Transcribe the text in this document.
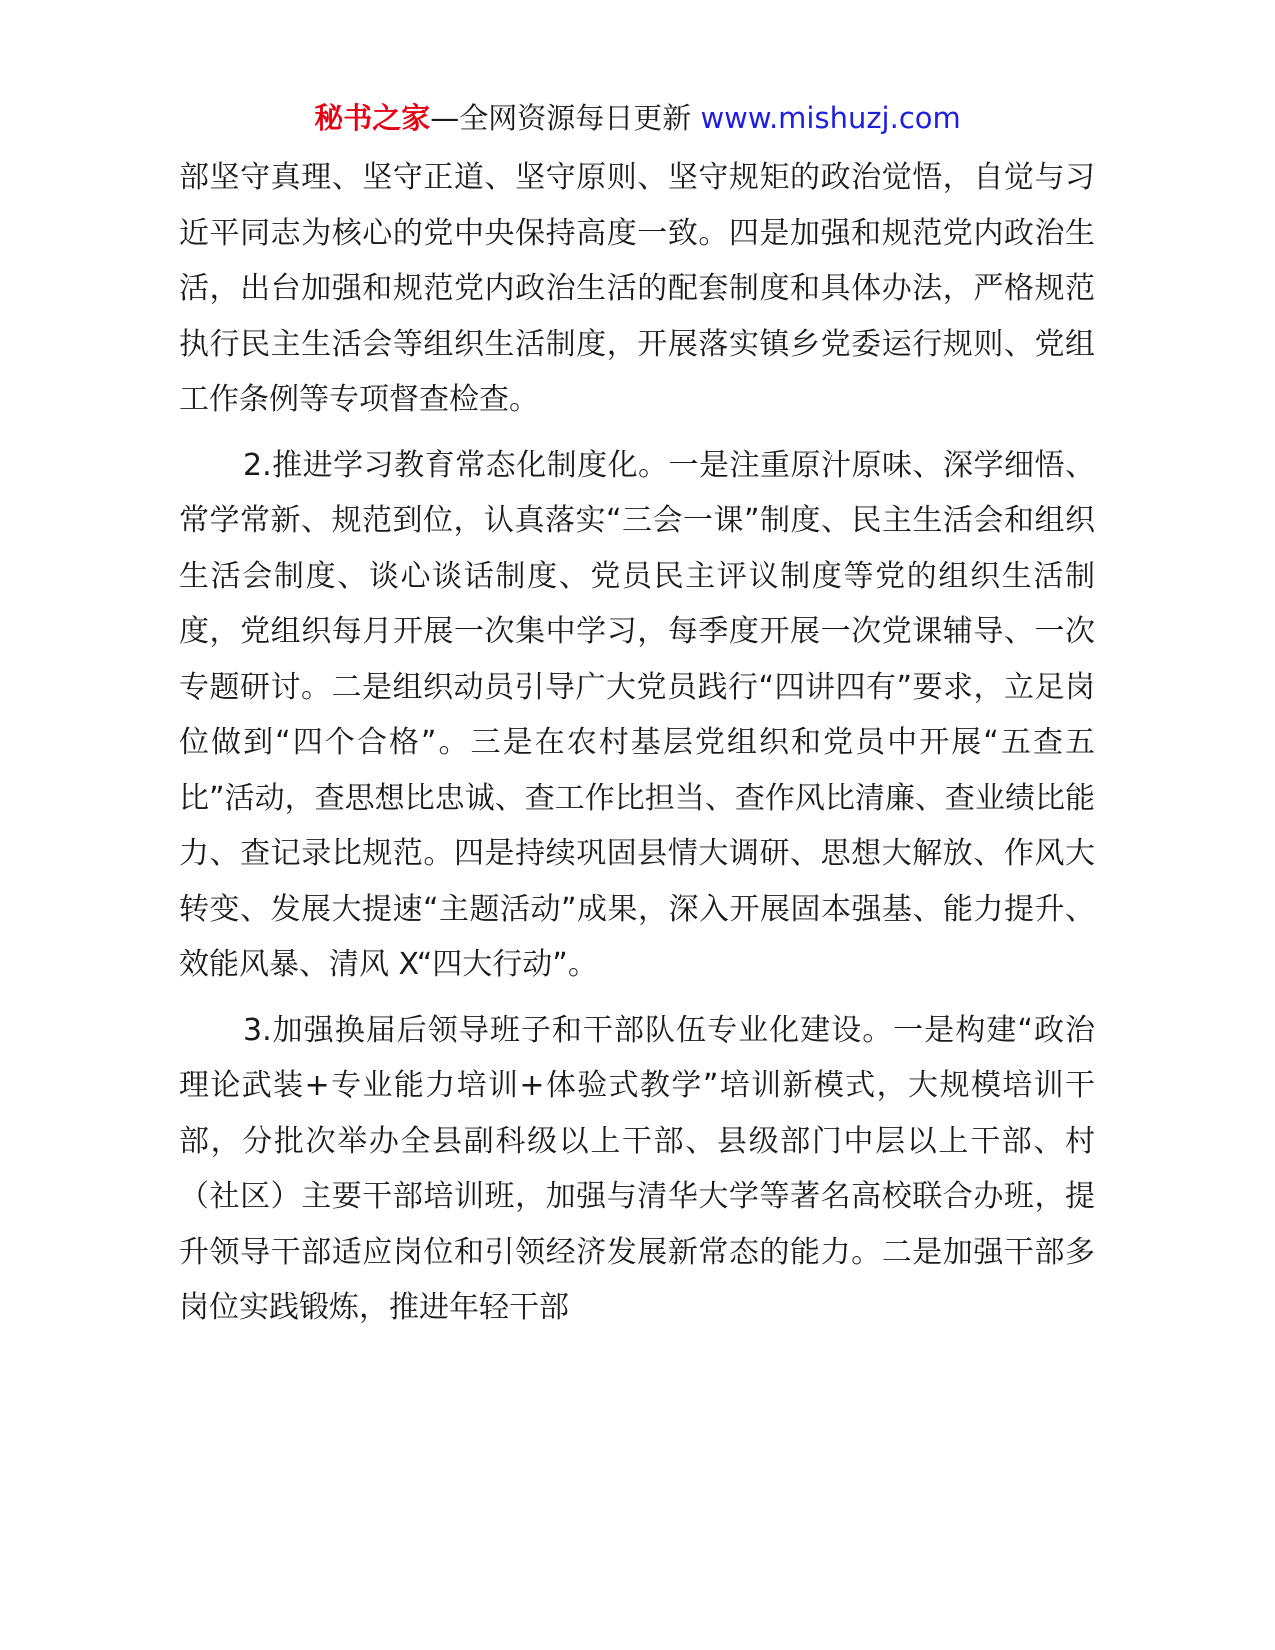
秘书之家—全网资源每日更新 www.mishuzj.com

部坚守真理、坚守正道、坚守原则、坚守规矩的政治觉悟，自觉与习近平同志为核心的党中央保持高度一致。四是加强和规范党内政治生活，出台加强和规范党内政治生活的配套制度和具体办法，严格规范执行民主生活会等组织生活制度，开展落实镇乡党委运行规则、党组工作条例等专项督查检查。

2.推进学习教育常态化制度化。一是注重原汁原味、深学细悟、常学常新、规范到位，认真落实“三会一课”制度、民主生活会和组织生活会制度、谈心谈话制度、党员民主评议制度等党的组织生活制度，党组织每月开展一次集中学习，每季度开展一次党课辅导、一次专题研讨。二是组织动员引导广大党员践行“四讲四有”要求，立足岗位做到“四个合格”。三是在农村基层党组织和党员中开展“五查五比”活动，查思想比忠诚、查工作比担当、查作风比清廉、查业绩比能力、查记录比规范。四是持续巩固县情大调研、思想大解放、作风大转变、发展大提速“主题活动”成果，深入开展固本强基、能力提升、效能风暴、清风 X“四大行动”。

3.加强换届后领导班子和干部队伍专业化建设。一是构建“政治理论武装+专业能力培训+体验式教学”培训新模式，大规模培训干部，分批次举办全县副科级以上干部、县级部门中层以上干部、村（社区）主要干部培训班，加强与清华大学等著名高校联合办班，提升领导干部适应岗位和引领经济发展新常态的能力。二是加强干部多岗位实践锻炼，推进年轻干部
